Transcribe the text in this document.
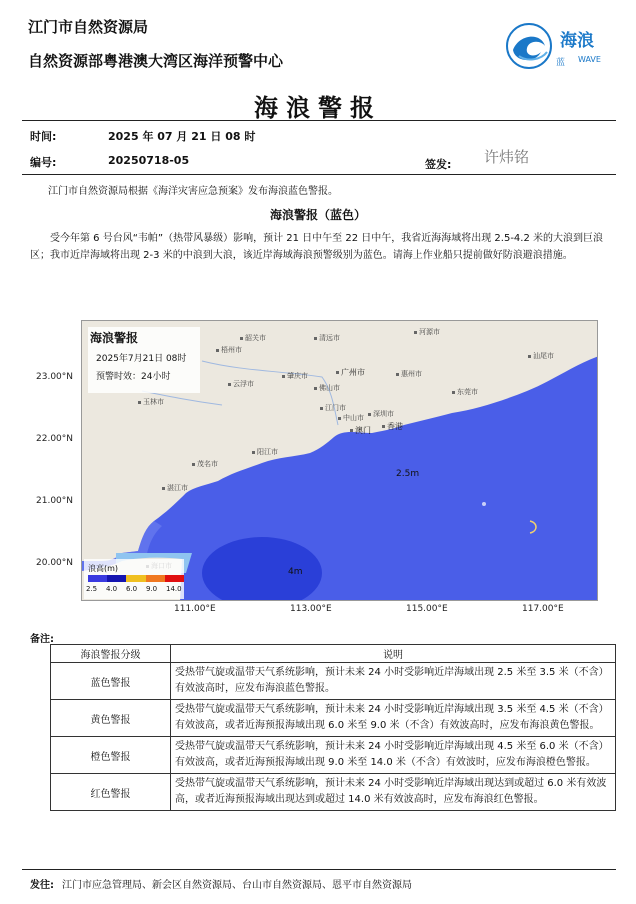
江门市自然资源局
自然资源部粤港澳大湾区海洋预警中心
海浪
蓝 WAVE
海浪警报
时间:	2025 年 07 月 21 日 08 时
编号:	20250718-05	签发: 许炜铭
江门市自然资源局根据《海洋灾害应急预案》发布海浪蓝色警报。
海浪警报（蓝色）
受今年第 6 号台风“韦帕”（热带风暴级）影响，预计 21 日中午至 22 日中午，我省近海海域将出现 2.5-4.2 米的大浪到巨浪区；我市近岸海域将出现 2-3 米的中浪到大浪，该近岸海域海浪预警级别为蓝色。请海上作业船只提前做好防浪避浪措施。
海浪警报
2025年7月21日 08时
预警时效：24小时
河源市
清远市
韶关市
梧州市
广州市
肇庆市	惠州市
汕尾市
佛山市
云浮市
东莞市
玉林市
江门市
澳门	香港
中山市	深圳市
阳江市
茂名市
湛江市
2.5m
4m
浪高(m)
2.5 4.0 6.0 9.0 14.0
23.00°N
22.00°N
21.00°N
20.00°N
111.00°E	113.00°E	115.00°E	117.00°E
备注:
海浪警报分级	说明
蓝色警报	受热带气旋或温带天气系统影响，预计未来 24 小时受影响近岸海域出现 2.5 米至 3.5 米（不含）有效波高时，应发布海浪蓝色警报。
黄色警报	受热带气旋或温带天气系统影响，预计未来 24 小时受影响近岸海域出现 3.5 米至 4.5 米（不含）有效波高，或者近海预报海域出现 6.0 米至 9.0 米（不含）有效波高时，应发布海浪黄色警报。
橙色警报	受热带气旋或温带天气系统影响，预计未来 24 小时受影响近岸海域出现 4.5 米至 6.0 米（不含）有效波高，或者近海预报海域出现 9.0 米至 14.0 米（不含）有效波时，应发布海浪橙色警报。
红色警报	受热带气旋或温带天气系统影响，预计未来 24 小时受影响近岸海域出现达到或超过 6.0 米有效波高，或者近海预报海域出现达到或超过 14.0 米有效波高时，应发布海浪红色警报。
发往: 江门市应急管理局、新会区自然资源局、台山市自然资源局、恩平市自然资源局
